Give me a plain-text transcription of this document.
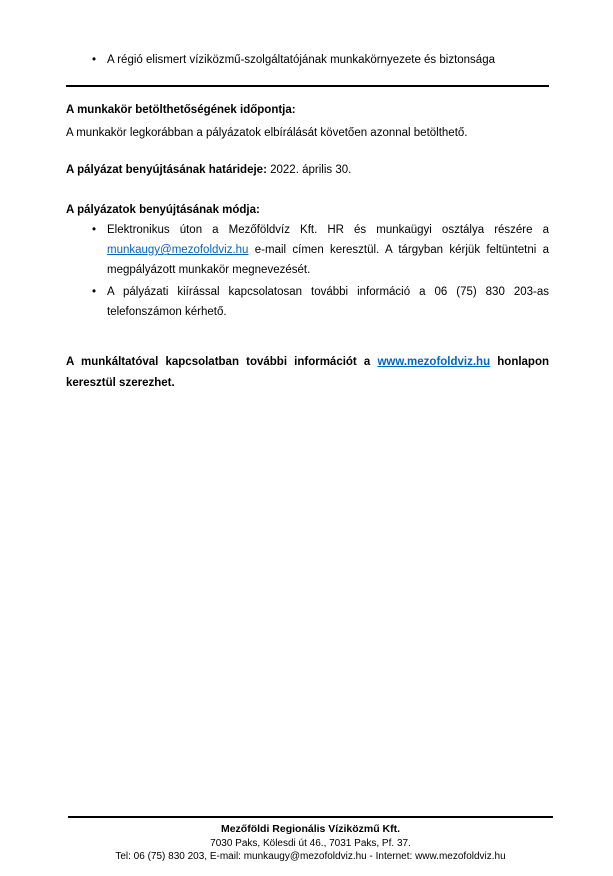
• A régió elismert víziközmű-szolgáltatójának munkakörnyezete és biztonsága
A munkakör betölthetőségének időpontja:
A munkakör legkorábban a pályázatok elbírálását követően azonnal betölthető.
A pályázat benyújtásának határideje: 2022. április 30.
A pályázatok benyújtásának módja:
• Elektronikus úton a Mezőföldvíz Kft. HR és munkaügyi osztálya részére a munkaugy@mezofoldviz.hu e-mail címen keresztül. A tárgyban kérjük feltüntetni a megpályázott munkakör megnevezését.
• A pályázati kiírással kapcsolatosan további információ a 06 (75) 830 203-as telefonszámon kérhető.
A munkáltatóval kapcsolatban további információt a www.mezofoldviz.hu honlapon keresztül szerezhet.
Mezőföldi Regionális Víziközmű Kft.
7030 Paks, Kölesdi út 46., 7031 Paks, Pf. 37.
Tel: 06 (75) 830 203, E-mail: munkaugy@mezofoldviz.hu - Internet: www.mezofoldviz.hu
